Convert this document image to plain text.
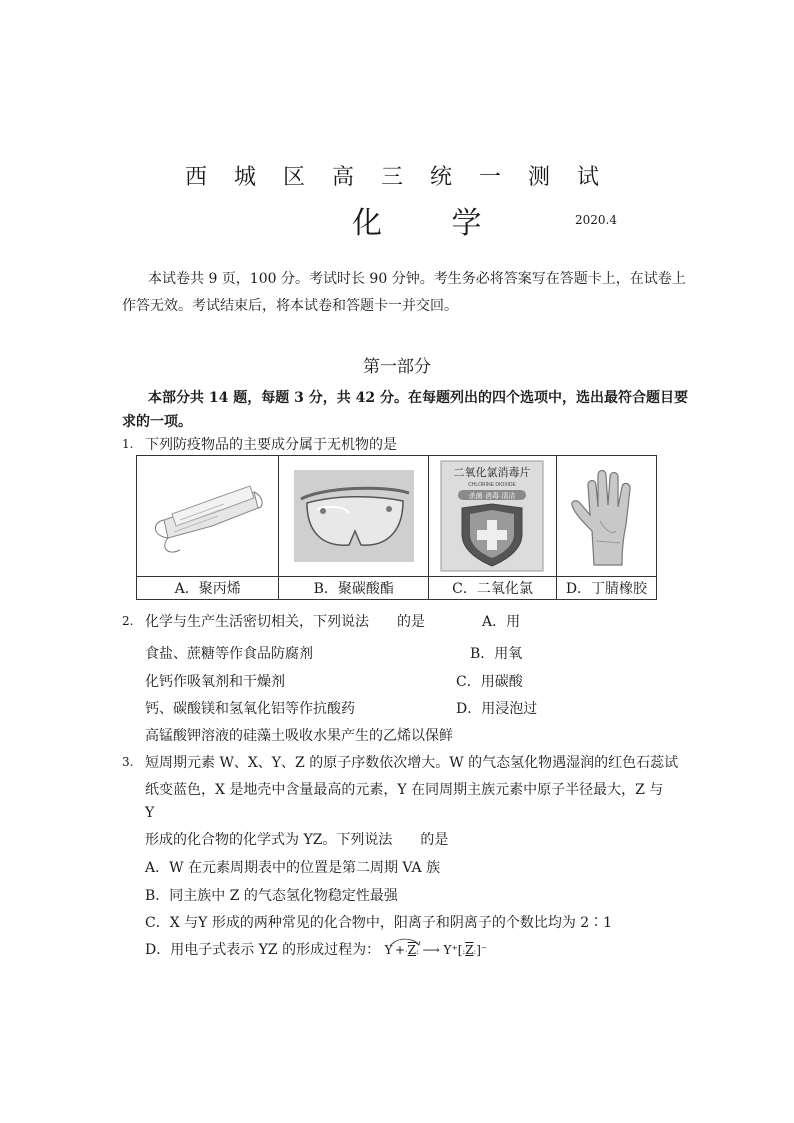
西 城 区 高 三 统 一 测 试
化 学	2020.4
本试卷共 9 页，100 分。考试时长 90 分钟。考生务必将答案写在答题卡上，在试卷上
作答无效。考试结束后，将本试卷和答题卡一并交回。
第一部分
本部分共 14 题，每题 3 分，共 42 分。在每题列出的四个选项中，选出最符合题目要
求的一项。
1. 下列防疫物品的主要成分属于无机物的是

二氧化氯消毒片
CHLORINE DIOXIDE
杀菌·消毒·清洁

A．聚丙烯	B．聚碳酸酯	C．二氧化氯	D．丁腈橡胶
2. 化学与生产生活密切相关，下列说法 的是	A．用
食盐、蔗糖等作食品防腐剂	B．用氧
化钙作吸氧剂和干燥剂	C．用碳酸
钙、碳酸镁和氢氧化铝等作抗酸药	D．用浸泡过
高锰酸钾溶液的硅藻土吸收水果产生的乙烯以保鲜
3. 短周期元素 W、X、Y、Z 的原子序数依次增大。W 的气态氢化物遇湿润的红色石蕊试
纸变蓝色，X 是地壳中含量最高的元素，Y 在同周期主族元素中原子半径最大，Z 与
Y
形成的化合物的化学式为 YZ。下列说法 的是
A．W 在元素周期表中的位置是第二周期 VA 族
B．同主族中 Z 的气态氢化物稳定性最强
C．X 与Y 形成的两种常见的化合物中，阳离子和阴离子的个数比均为 2∶1
D．用电子式表示 YZ 的形成过程为： Y·+·Z: ⟶ Y⁺[:Z:]⁻
